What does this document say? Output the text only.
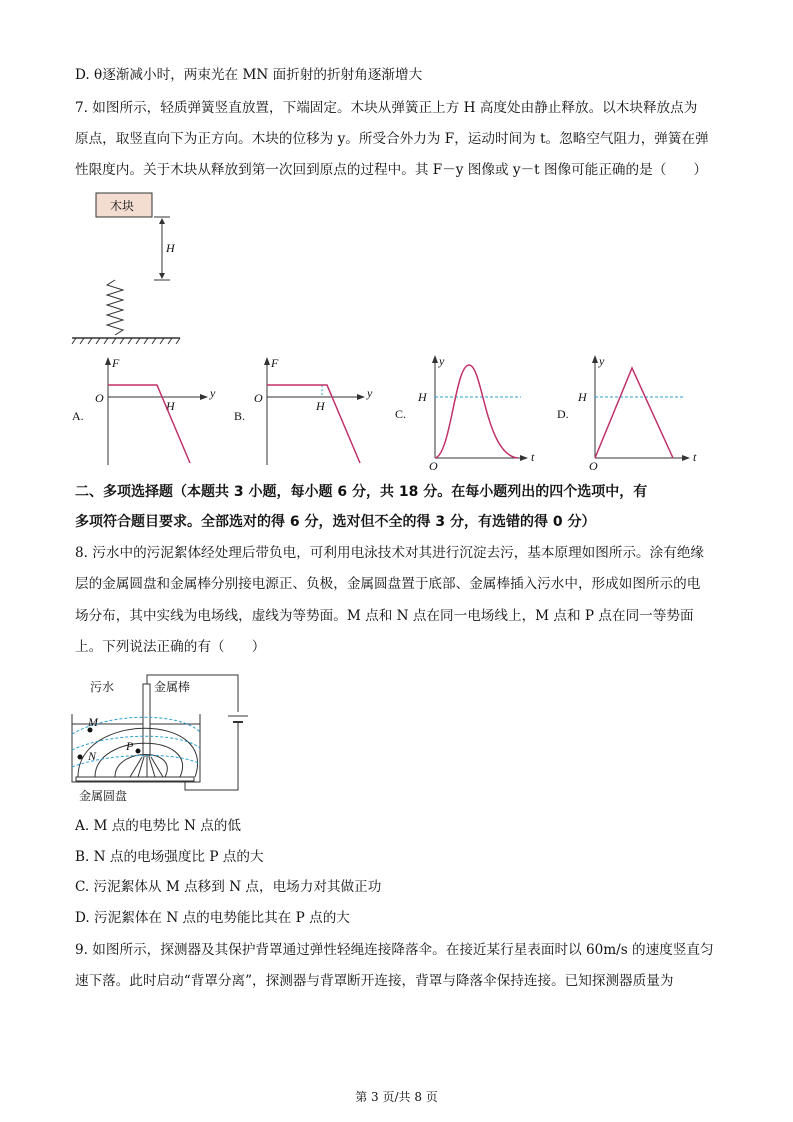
D. θ逐渐减小时，两束光在 MN 面折射的折射角逐渐增大
7. 如图所示，轻质弹簧竖直放置，下端固定。木块从弹簧正上方 H 高度处由静止释放。以木块释放点为
原点，取竖直向下为正方向。木块的位移为 y。所受合外力为 F，运动时间为 t。忽略空气阻力，弹簧在弹
性限度内。关于木块从释放到第一次回到原点的过程中。其 F－y 图像或 y－t 图像可能正确的是（　　）
木块
H
A.
F
y
O
H
B.
F
y
O
H
C.
y
t
O
H
D.
y
t
O
H
二、多项选择题（本题共 3 小题，每小题 6 分，共 18 分。在每小题列出的四个选项中，有
多项符合题目要求。全部选对的得 6 分，选对但不全的得 3 分，有选错的得 0 分）
8. 污水中的污泥絮体经处理后带负电，可利用电泳技术对其进行沉淀去污，基本原理如图所示。涂有绝缘
层的金属圆盘和金属棒分别接电源正、负极，金属圆盘置于底部、金属棒插入污水中，形成如图所示的电
场分布，其中实线为电场线，虚线为等势面。M 点和 N 点在同一电场线上，M 点和 P 点在同一等势面
上。下列说法正确的有（　　）
污水	金属棒
金属圆盘
M
N
P
A. M 点的电势比 N 点的低
B. N 点的电场强度比 P 点的大
C. 污泥絮体从 M 点移到 N 点，电场力对其做正功
D. 污泥絮体在 N 点的电势能比其在 P 点的大
9. 如图所示，探测器及其保护背罩通过弹性轻绳连接降落伞。在接近某行星表面时以 60m/s 的速度竖直匀
速下落。此时启动“背罩分离”，探测器与背罩断开连接，背罩与降落伞保持连接。已知探测器质量为
第 3 页/共 8 页
